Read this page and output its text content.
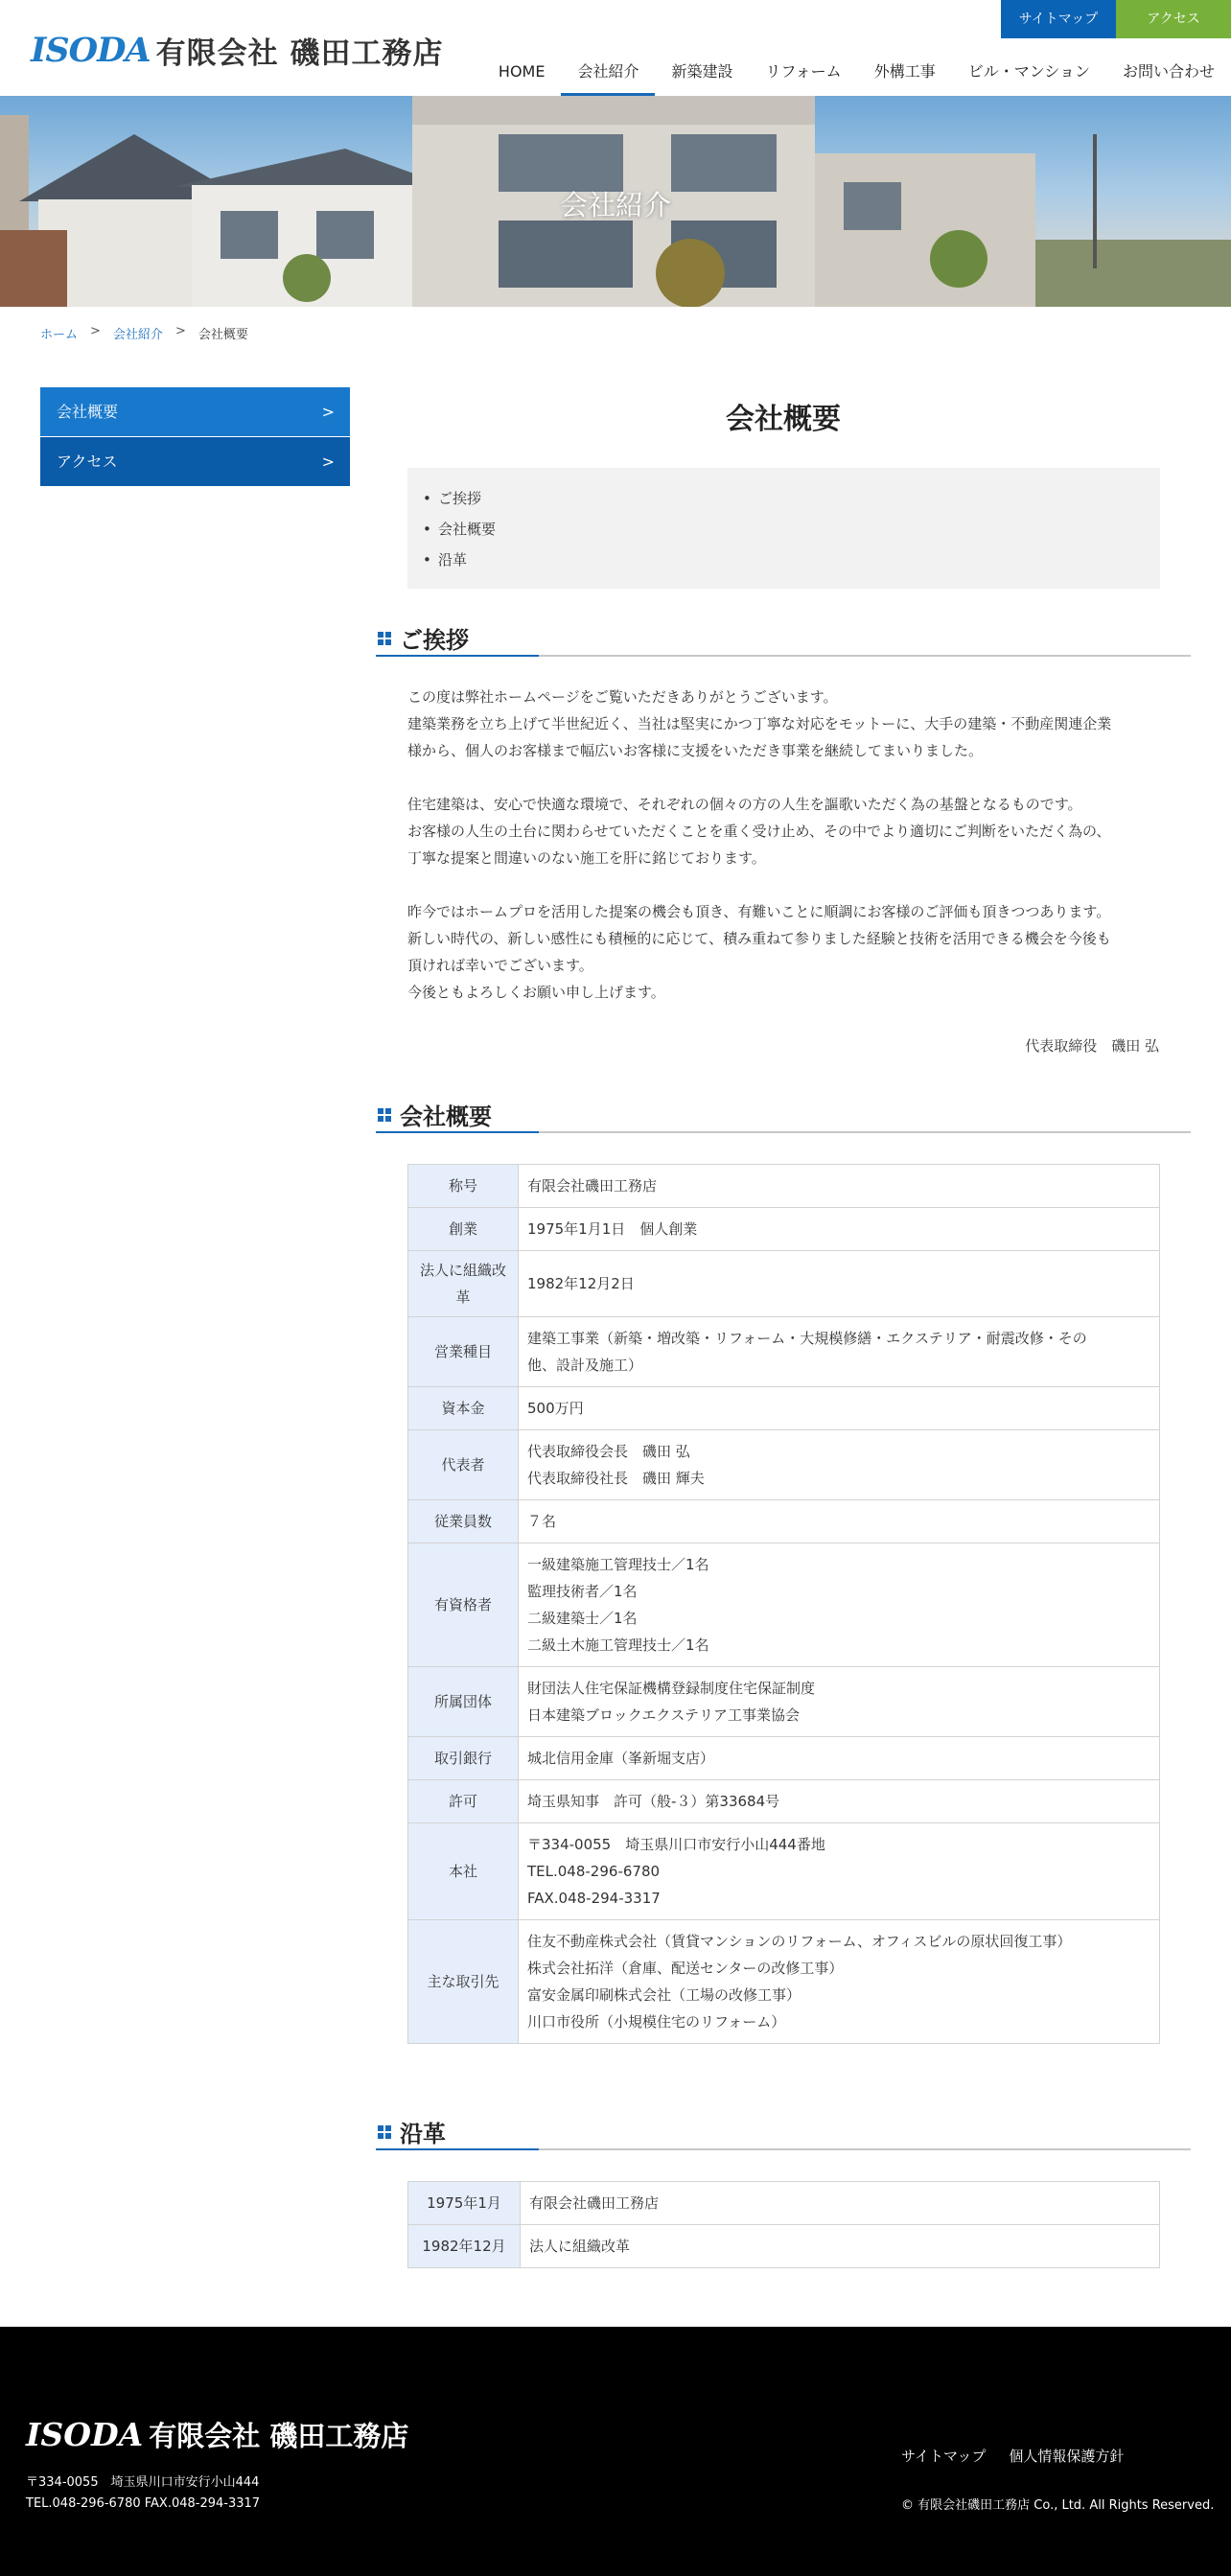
ISODA 有限会社 磯田工務店
サイトマップ	アクセス
HOME	会社紹介	新築建設	リフォーム	外構工事	ビル・マンション	お問い合わせ
会社紹介
ホーム > 会社紹介 > 会社概要
会社概要	>
アクセス	>
会社概要
• ご挨拶
• 会社概要
• 沿革
ご挨拶

この度は弊社ホームページをご覧いただきありがとうございます。
建築業務を立ち上げて半世紀近く、当社は堅実にかつ丁寧な対応をモットーに、大手の建築・不動産関連企業
様から、個人のお客様まで幅広いお客様に支援をいただき事業を継続してまいりました。

住宅建築は、安心で快適な環境で、それぞれの個々の方の人生を謳歌いただく為の基盤となるものです。
お客様の人生の土台に関わらせていただくことを重く受け止め、その中でより適切にご判断をいただく為の、
丁寧な提案と間違いのない施工を肝に銘じております。

昨今ではホームプロを活用した提案の機会も頂き、有難いことに順調にお客様のご評価も頂きつつあります。
新しい時代の、新しい感性にも積極的に応じて、積み重ねて参りました経験と技術を活用できる機会を今後も
頂ければ幸いでございます。
今後ともよろしくお願い申し上げます。

代表取締役　磯田 弘
会社概要
称号	有限会社磯田工務店
創業	1975年1月1日　個人創業
法人に組織改革	1982年12月2日
営業種目	建築工事業（新築・増改築・リフォーム・大規模修繕・エクステリア・耐震改修・その
他、設計及施工）
資本金	500万円
代表者	代表取締役会長　磯田 弘
代表取締役社長　磯田 輝夫
従業員数	７名
有資格者	一級建築施工管理技士／1名
監理技術者／1名
二級建築士／1名
二級土木施工管理技士／1名
所属団体	財団法人住宅保証機構登録制度住宅保証制度
日本建築ブロックエクステリア工事業協会
取引銀行	城北信用金庫（峯新堀支店）
許可	埼玉県知事　許可（般-３）第33684号
本社	〒334-0055　埼玉県川口市安行小山444番地
TEL.048-296-6780
FAX.048-294-3317
主な取引先	住友不動産株式会社（賃貸マンションのリフォーム、オフィスビルの原状回復工事）
株式会社拓洋（倉庫、配送センターの改修工事）
富安金属印刷株式会社（工場の改修工事）
川口市役所（小規模住宅のリフォーム）
沿革
1975年1月	有限会社磯田工務店
1982年12月	法人に組織改革
ISODA 有限会社 磯田工務店
〒334-0055　埼玉県川口市安行小山444
TEL.048-296-6780 FAX.048-294-3317
サイトマップ 個人情報保護方針
© 有限会社磯田工務店 Co., Ltd. All Rights Reserved.
